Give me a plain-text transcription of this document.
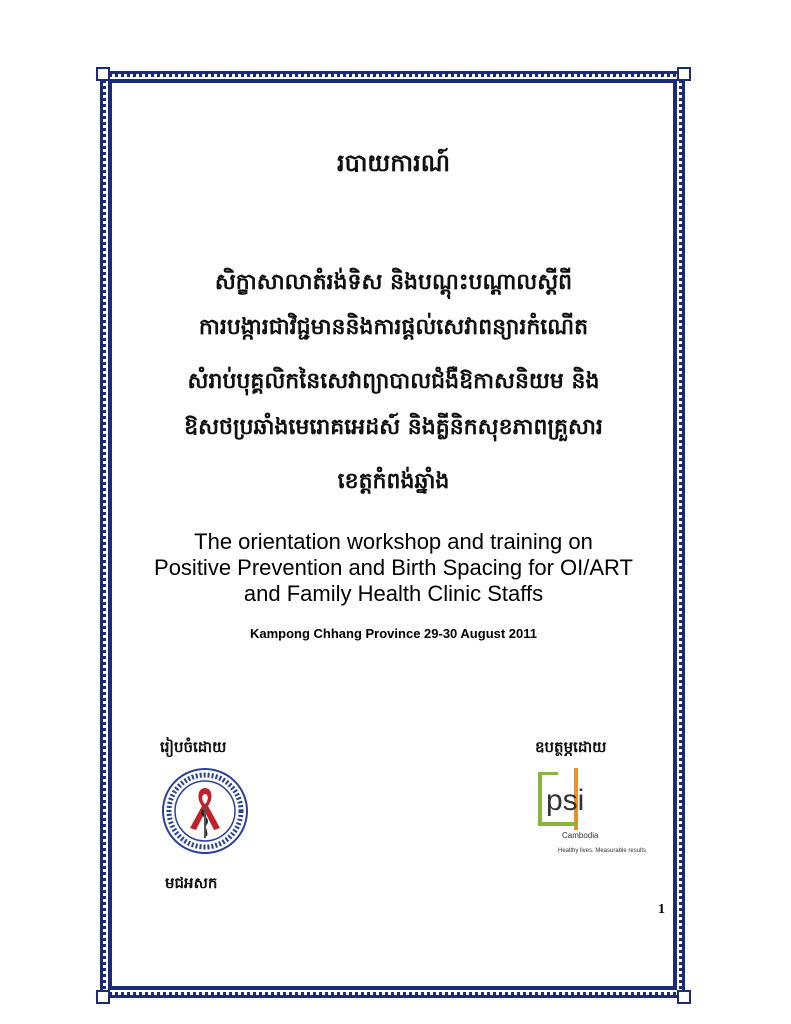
របាយការណ៍
សិក្ខាសាលាតំរង់ទិស និងបណ្តុះបណ្តាលស្តីពី
ការបង្ការជាវិជ្ជមាននិងការផ្តល់សេវាពន្យារកំណើត
សំរាប់បុគ្គលិកនៃសេវាព្យាបាលជំងឺឱកាសនិយម និង
ឱសថប្រឆាំងមេរោគអេដស៍ និងគ្លីនិកសុខភាពគ្រួសារ
ខេត្តកំពង់ឆ្នាំង
The orientation workshop and training on
Positive Prevention and Birth Spacing for OI/ART
and Family Health Clinic Staffs
Kampong Chhang Province 29-30 August 2011
រៀបចំដោយ	ឧបត្ថម្ភដោយ
psi
Cambodia
Healthy lives. Measurable results
មជអសក
1
